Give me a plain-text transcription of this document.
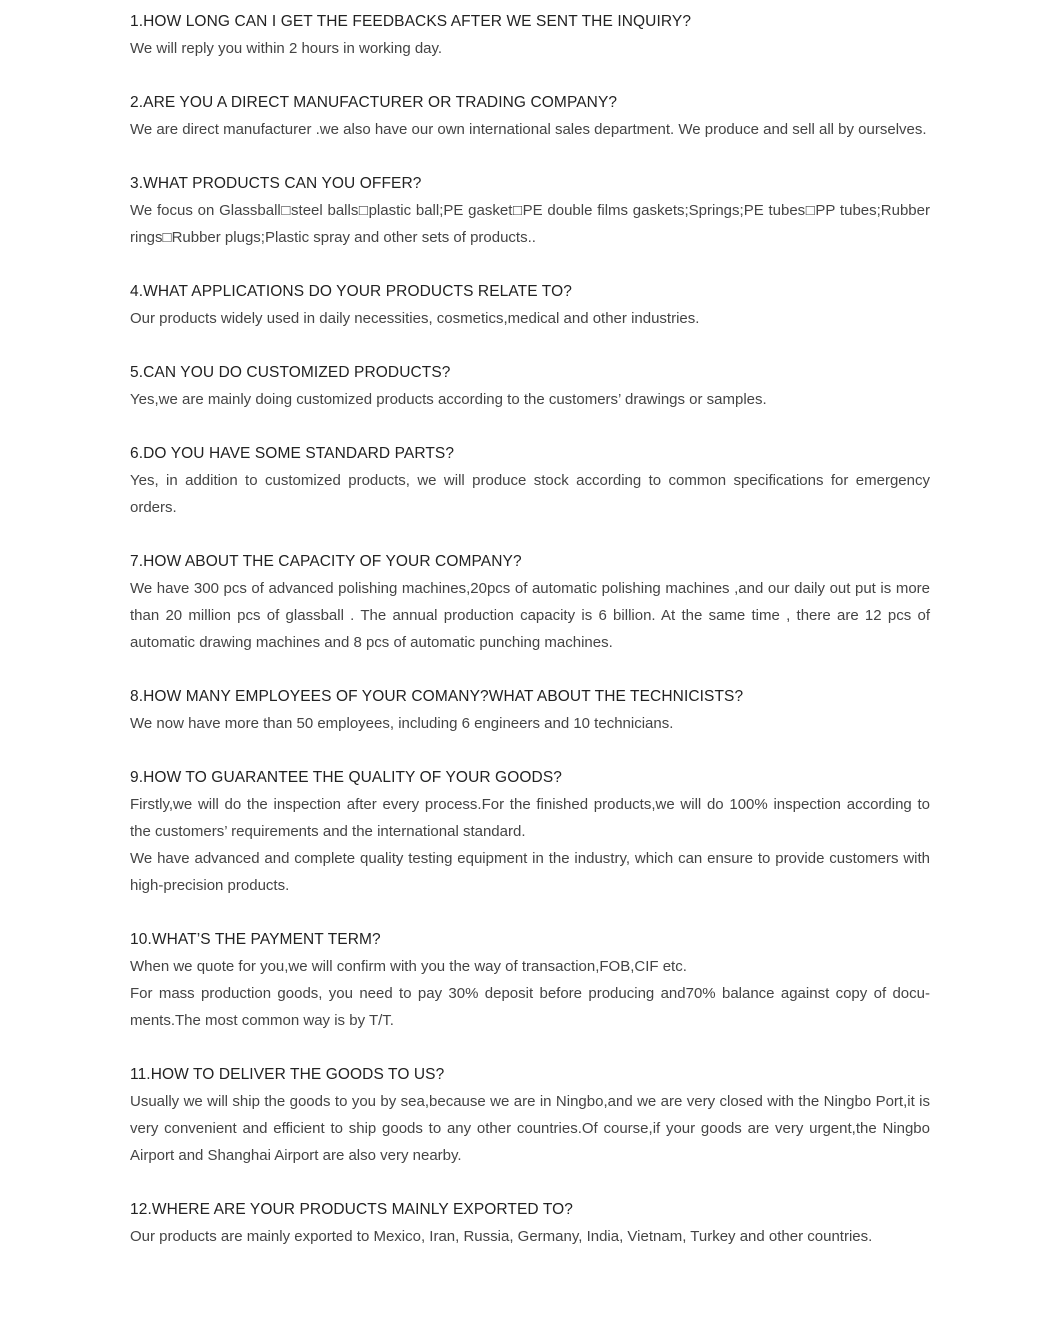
1.HOW LONG CAN I GET THE FEEDBACKS AFTER WE SENT THE INQUIRY?
We will reply you within 2 hours in working day.
2.ARE YOU A DIRECT MANUFACTURER OR TRADING COMPANY?
We are direct manufacturer .we also have our own international sales department. We produce and sell all by ourselves.
3.WHAT PRODUCTS CAN YOU OFFER?
We focus on Glassball□steel balls□plastic ball;PE gasket□PE double films gaskets;Springs;PE tubes□PP tubes;Rubber rings□Rubber plugs;Plastic spray and other sets of products..
4.WHAT APPLICATIONS DO YOUR PRODUCTS RELATE TO?
Our products widely used in daily necessities, cosmetics,medical and other industries.
5.CAN YOU DO CUSTOMIZED PRODUCTS?
Yes,we are mainly doing customized products according to the customers’ drawings or samples.
6.DO YOU HAVE SOME STANDARD PARTS?
Yes, in addition to customized products, we will produce stock according to common specifications for emergency orders.
7.HOW ABOUT THE CAPACITY OF YOUR COMPANY?
We have 300 pcs of advanced polishing machines,20pcs of automatic polishing machines ,and our daily out put is more than 20 million pcs of glassball . The annual production capacity is 6 billion. At the same time , there are 12 pcs of automatic drawing machines and 8 pcs of automatic punching machines.
8.HOW MANY EMPLOYEES OF YOUR COMANY?WHAT ABOUT THE TECHNICISTS?
We now have more than 50 employees, including 6 engineers and 10 technicians.
9.HOW TO GUARANTEE THE QUALITY OF YOUR GOODS?
Firstly,we will do the inspection after every process.For the finished products,we will do 100% inspection according to the customers’ requirements and the international standard.
We have advanced and complete quality testing equipment in the industry, which can ensure to provide customers with high-precision products.
10.WHAT’S THE PAYMENT TERM?
When we quote for you,we will confirm with you the way of transaction,FOB,CIF etc.
For mass production goods, you need to pay 30% deposit before producing and70% balance against copy of documents.The most common way is by T/T.
11.HOW TO DELIVER THE GOODS TO US?
Usually we will ship the goods to you by sea,because we are in Ningbo,and we are very closed with the Ningbo Port,it is very convenient and efficient to ship goods to any other countries.Of course,if your goods are very urgent,the Ningbo Airport and Shanghai Airport are also very nearby.
12.WHERE ARE YOUR PRODUCTS MAINLY EXPORTED TO?
Our products are mainly exported to Mexico, Iran, Russia, Germany, India, Vietnam, Turkey and other countries.
